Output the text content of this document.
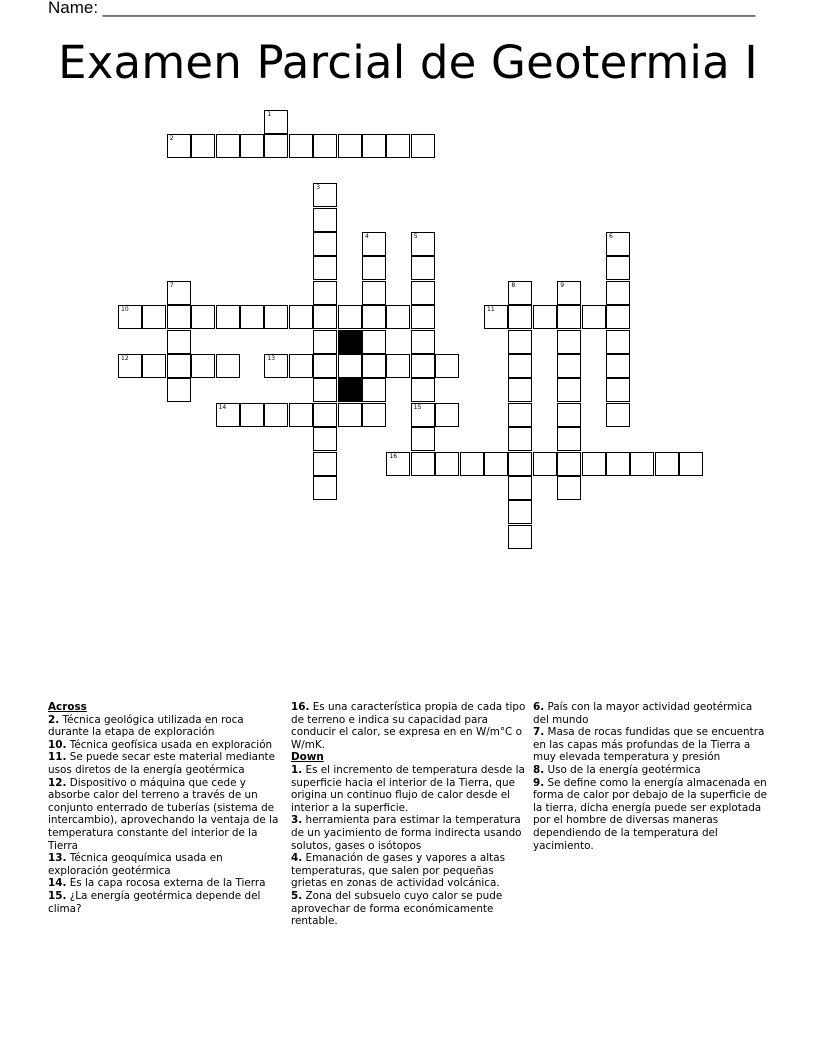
Name: _____________________________________________________________________
Examen Parcial de Geotermia I
1
2
3
4	5
15
6
7	8	9
10	11
12	13
14
16

Across

2. Técnica geológica utilizada en roca durante la etapa de exploración

10. Técnica geofísica usada en exploración

11. Se puede secar este material mediante usos diretos de la energía geotérmica

12. Dispositivo o máquina que cede y absorbe calor del terreno a través de un conjunto enterrado de tuberías (sistema de intercambio), aprovechando la ventaja de la temperatura constante del interior de la Tierra

13. Técnica geoquímica usada en exploración geotérmica

14. Es la capa rocosa externa de la Tierra

15. ¿La energía geotérmica depende del clima?

16. Es una característica propia de cada tipo de terreno e indica su capacidad para conducir el calor, se expresa en en W/m°C o W/mK.

Down

1. Es el incremento de temperatura desde la superficie hacia el interior de la Tierra, que origina un continuo flujo de calor desde el interior a la superficie.

3. herramienta para estimar la temperatura de un yacimiento de forma indirecta usando solutos, gases o isótopos

4. Emanación de gases y vapores a altas temperaturas, que salen por pequeñas grietas en zonas de actividad volcánica.

5. Zona del subsuelo cuyo calor se pude aprovechar de forma económicamente rentable.

6. País con la mayor actividad geotérmica del mundo

7. Masa de rocas fundidas que se encuentra en las capas más profundas de la Tierra a muy elevada temperatura y presión

8. Uso de la energía geotérmica

9. Se define como la energía almacenada en forma de calor por debajo de la superficie de la tierra, dicha energía puede ser explotada por el hombre de diversas maneras dependiendo de la temperatura del yacimiento.
